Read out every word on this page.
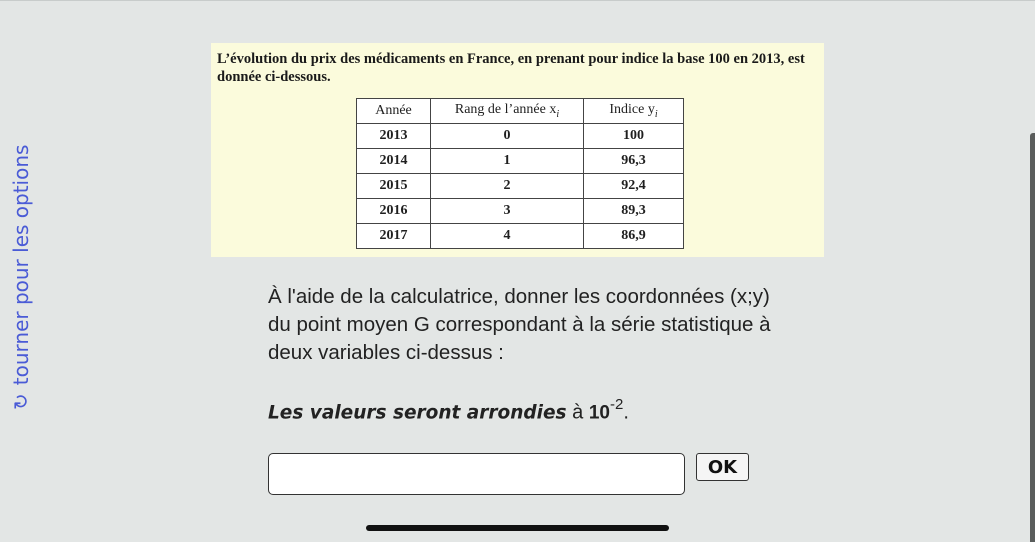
↻
tourner pour les options
L’évolution du prix des médicaments en France, en prenant pour indice la base 100 en 2013, est donnée ci-dessous.
Année	Rang de l’année $x_i$	Indice $y_i$
2013	0	100
2014	1	96,3
2015	2	92,4
2016	3	89,3
2017	4	86,9
À l'aide de la calculatrice, donner les coordonnées (x;y) du point moyen G correspondant à la série statistique à deux variables ci-dessus :
Les valeurs seront arrondies à $10^{-2}$.
OK
